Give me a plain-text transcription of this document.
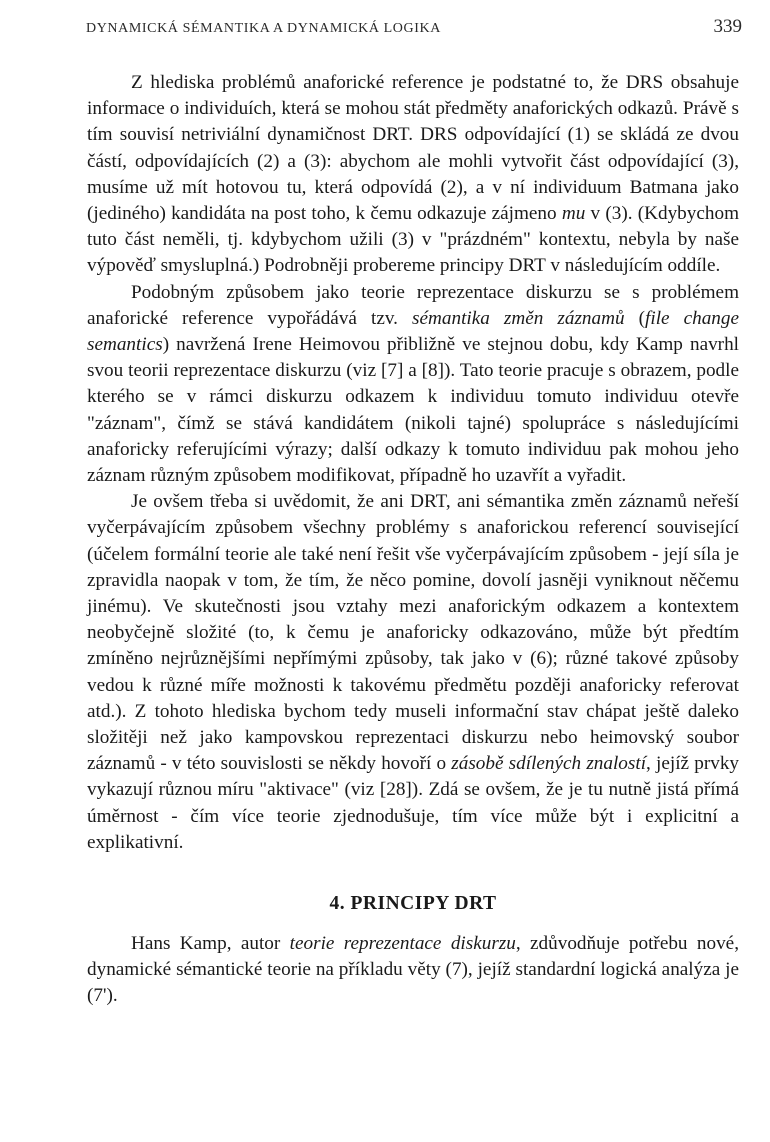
DYNAMICKÁ SÉMANTIKA A DYNAMICKÁ LOGIKA	339

Z hlediska problémů anaforické reference je podstatné to, že DRS obsahuje informace o individuích, která se mohou stát předměty anaforických odkazů. Právě s tím souvisí netriviální dynamičnost DRT. DRS odpovídající (1) se skládá ze dvou částí, odpovídajících (2) a (3): abychom ale mohli vytvořit část odpovídající (3), musíme už mít hotovou tu, která odpovídá (2), a v ní individuum Batmana jako (jediného) kandidáta na post toho, k čemu odkazuje zájmeno mu v (3). (Kdybychom tuto část neměli, tj. kdybychom užili (3) v "prázdném" kontextu, nebyla by naše výpověď smysluplná.) Podrobněji probereme principy DRT v následujícím oddíle.

Podobným způsobem jako teorie reprezentace diskurzu se s problémem anaforické reference vypořádává tzv. sémantika změn záznamů (file change semantics) navržená Irene Heimovou přibližně ve stejnou dobu, kdy Kamp navrhl svou teorii reprezentace diskurzu (viz [7] a [8]). Tato teorie pracuje s obrazem, podle kterého se v rámci diskurzu odkazem k individuu tomuto individuu otevře "záznam", čímž se stává kandidátem (nikoli tajné) spolupráce s následujícími anaforicky referujícími výrazy; další odkazy k tomuto individuu pak mohou jeho záznam různým způsobem modifikovat, případně ho uzavřít a vyřadit.

Je ovšem třeba si uvědomit, že ani DRT, ani sémantika změn záznamů neřeší vyčerpávajícím způsobem všechny problémy s anaforickou referencí související (účelem formální teorie ale také není řešit vše vyčerpávajícím způsobem - její síla je zpravidla naopak v tom, že tím, že něco pomine, dovolí jasněji vyniknout něčemu jinému). Ve skutečnosti jsou vztahy mezi anaforickým odkazem a kontextem neobyčejně složité (to, k čemu je anaforicky odkazováno, může být předtím zmíněno nejrůznějšími nepřímými způsoby, tak jako v (6); různé takové způsoby vedou k různé míře možnosti k takovému předmětu později anaforicky referovat atd.). Z tohoto hlediska bychom tedy museli informační stav chápat ještě daleko složitěji než jako kampovskou reprezentaci diskurzu nebo heimovský soubor záznamů - v této souvislosti se někdy hovoří o zásobě sdílených znalostí, jejíž prvky vykazují různou míru "aktivace" (viz [28]). Zdá se ovšem, že je tu nutně jistá přímá úměrnost - čím více teorie zjednodušuje, tím více může být i explicitní a explikativní.

4. PRINCIPY DRT

Hans Kamp, autor teorie reprezentace diskurzu, zdůvodňuje potřebu nové, dynamické sémantické teorie na příkladu věty (7), jejíž standardní logická analýza je (7').
